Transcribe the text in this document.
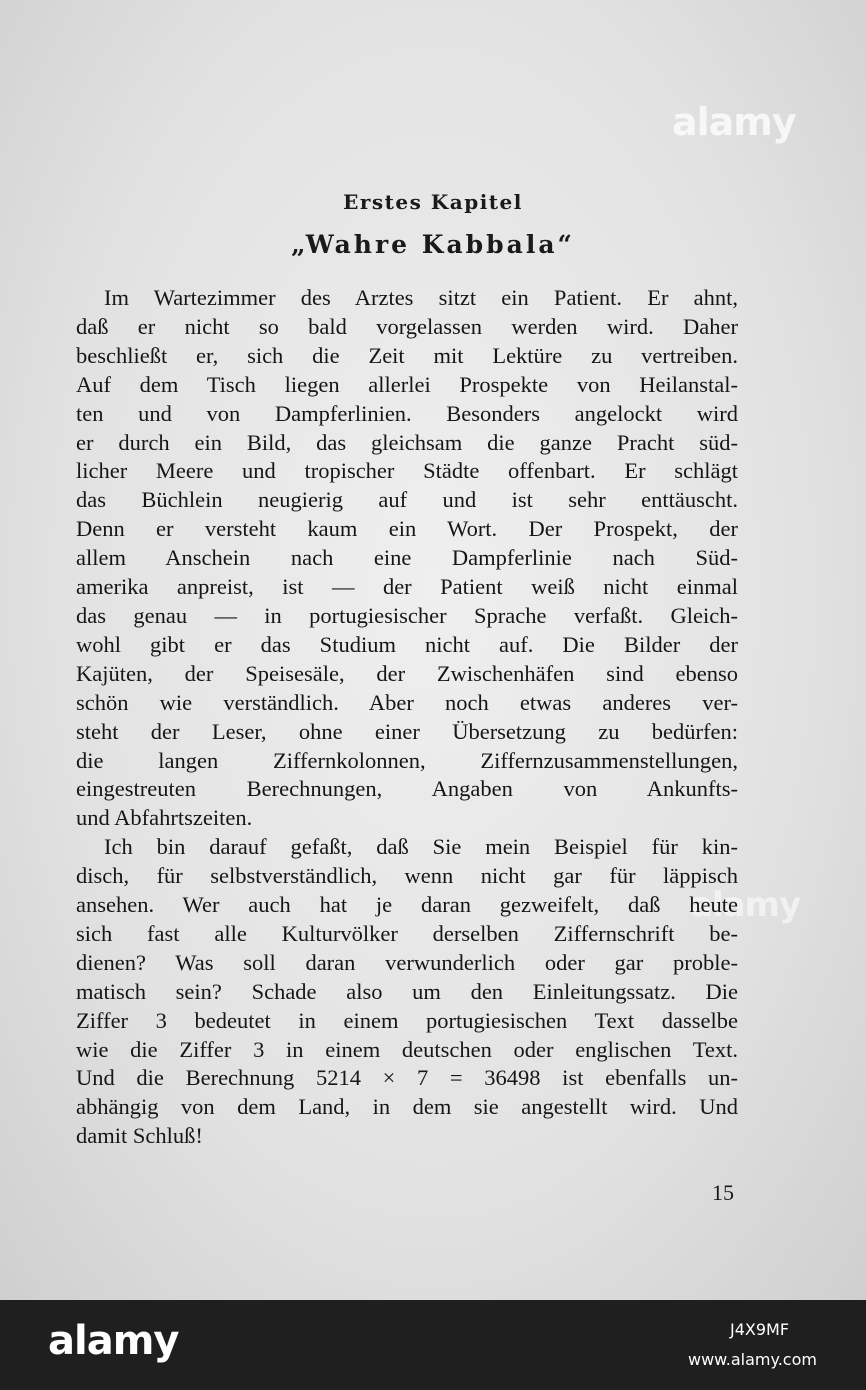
alamy
alamy
Erstes Kapitel
„Wahre Kabbala“
Im Wartezimmer des Arztes sitzt ein Patient. Er ahnt,
daß er nicht so bald vorgelassen werden wird. Daher
beschließt er, sich die Zeit mit Lektüre zu vertreiben.
Auf dem Tisch liegen allerlei Prospekte von Heilanstal-
ten und von Dampferlinien. Besonders angelockt wird
er durch ein Bild, das gleichsam die ganze Pracht süd-
licher Meere und tropischer Städte offenbart. Er schlägt
das Büchlein neugierig auf und ist sehr enttäuscht.
Denn er versteht kaum ein Wort. Der Prospekt, der
allem Anschein nach eine Dampferlinie nach Süd-
amerika anpreist, ist — der Patient weiß nicht einmal
das genau — in portugiesischer Sprache verfaßt. Gleich-
wohl gibt er das Studium nicht auf. Die Bilder der
Kajüten, der Speisesäle, der Zwischenhäfen sind ebenso
schön wie verständlich. Aber noch etwas anderes ver-
steht der Leser, ohne einer Übersetzung zu bedürfen:
die langen Ziffernkolonnen, Ziffernzusammenstellungen,
eingestreuten Berechnungen, Angaben von Ankunfts-
und Abfahrtszeiten.
Ich bin darauf gefaßt, daß Sie mein Beispiel für kin-
disch, für selbstverständlich, wenn nicht gar für läppisch
ansehen. Wer auch hat je daran gezweifelt, daß heute
sich fast alle Kulturvölker derselben Ziffernschrift be-
dienen? Was soll daran verwunderlich oder gar proble-
matisch sein? Schade also um den Einleitungssatz. Die
Ziffer 3 bedeutet in einem portugiesischen Text dasselbe
wie die Ziffer 3 in einem deutschen oder englischen Text.
Und die Berechnung 5214 × 7 = 36498 ist ebenfalls un-
abhängig von dem Land, in dem sie angestellt wird. Und
damit Schluß!
15
alamy	J4X9MF
www.alamy.com
